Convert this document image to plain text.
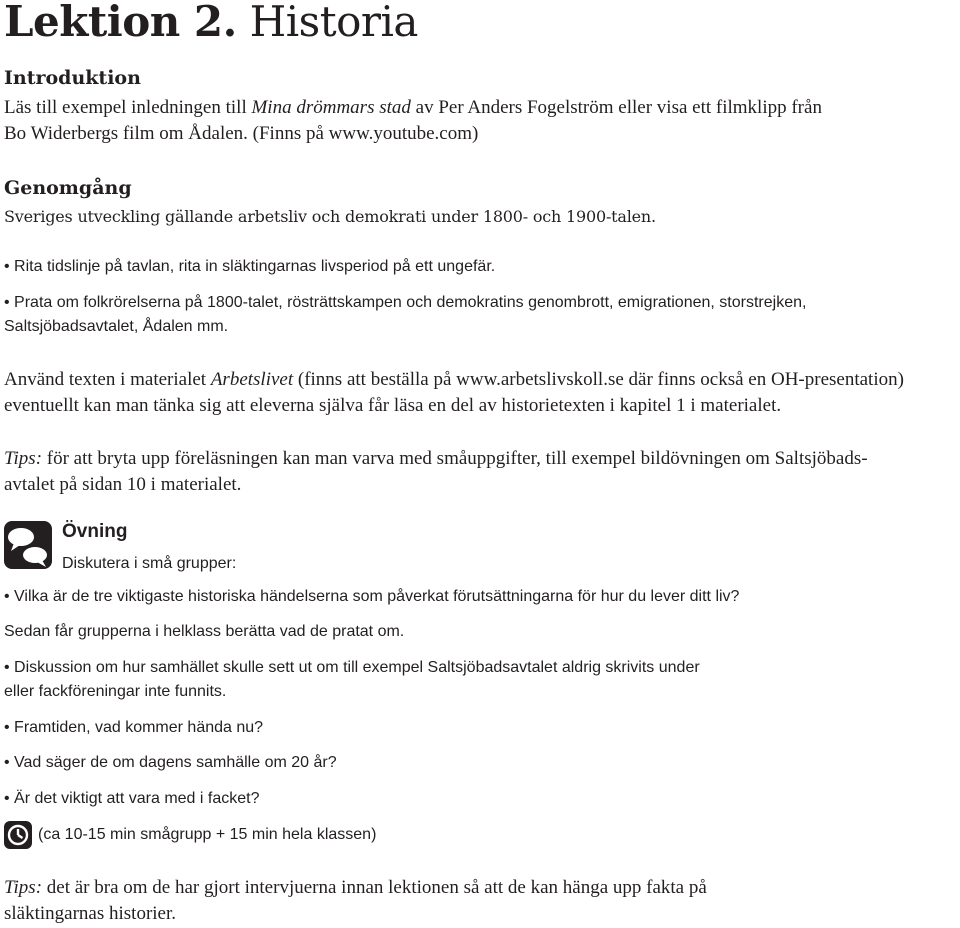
Lektion 2. Historia
Introduktion
Läs till exempel inledningen till Mina drömmars stad av Per Anders Fogelström eller visa ett filmklipp från
Bo Widerbergs film om Ådalen. (Finns på www.youtube.com)
Genomgång
Sveriges utveckling gällande arbetsliv och demokrati under 1800- och 1900-talen.
• Rita tidslinje på tavlan, rita in släktingarnas livsperiod på ett ungefär.
• Prata om folkrörelserna på 1800-talet, rösträttskampen och demokratins genombrott, emigrationen, storstrejken,
Saltsjöbadsavtalet, Ådalen mm.
Använd texten i materialet Arbetslivet (finns att beställa på www.arbetslivskoll.se där finns också en OH-presentation)
eventuellt kan man tänka sig att eleverna själva får läsa en del av historietexten i kapitel 1 i materialet.
Tips: för att bryta upp föreläsningen kan man varva med småuppgifter, till exempel bildövningen om Saltsjöbads-
avtalet på sidan 10 i materialet.
Övning
Diskutera i små grupper:
• Vilka är de tre viktigaste historiska händelserna som påverkat förutsättningarna för hur du lever ditt liv?
Sedan får grupperna i helklass berätta vad de pratat om.
• Diskussion om hur samhället skulle sett ut om till exempel Saltsjöbadsavtalet aldrig skrivits under
eller fackföreningar inte funnits.
• Framtiden, vad kommer hända nu?
• Vad säger de om dagens samhälle om 20 år?
• Är det viktigt att vara med i facket?
(ca 10-15 min smågrupp + 15 min hela klassen)
Tips: det är bra om de har gjort intervjuerna innan lektionen så att de kan hänga upp fakta på
släktingarnas historier.
